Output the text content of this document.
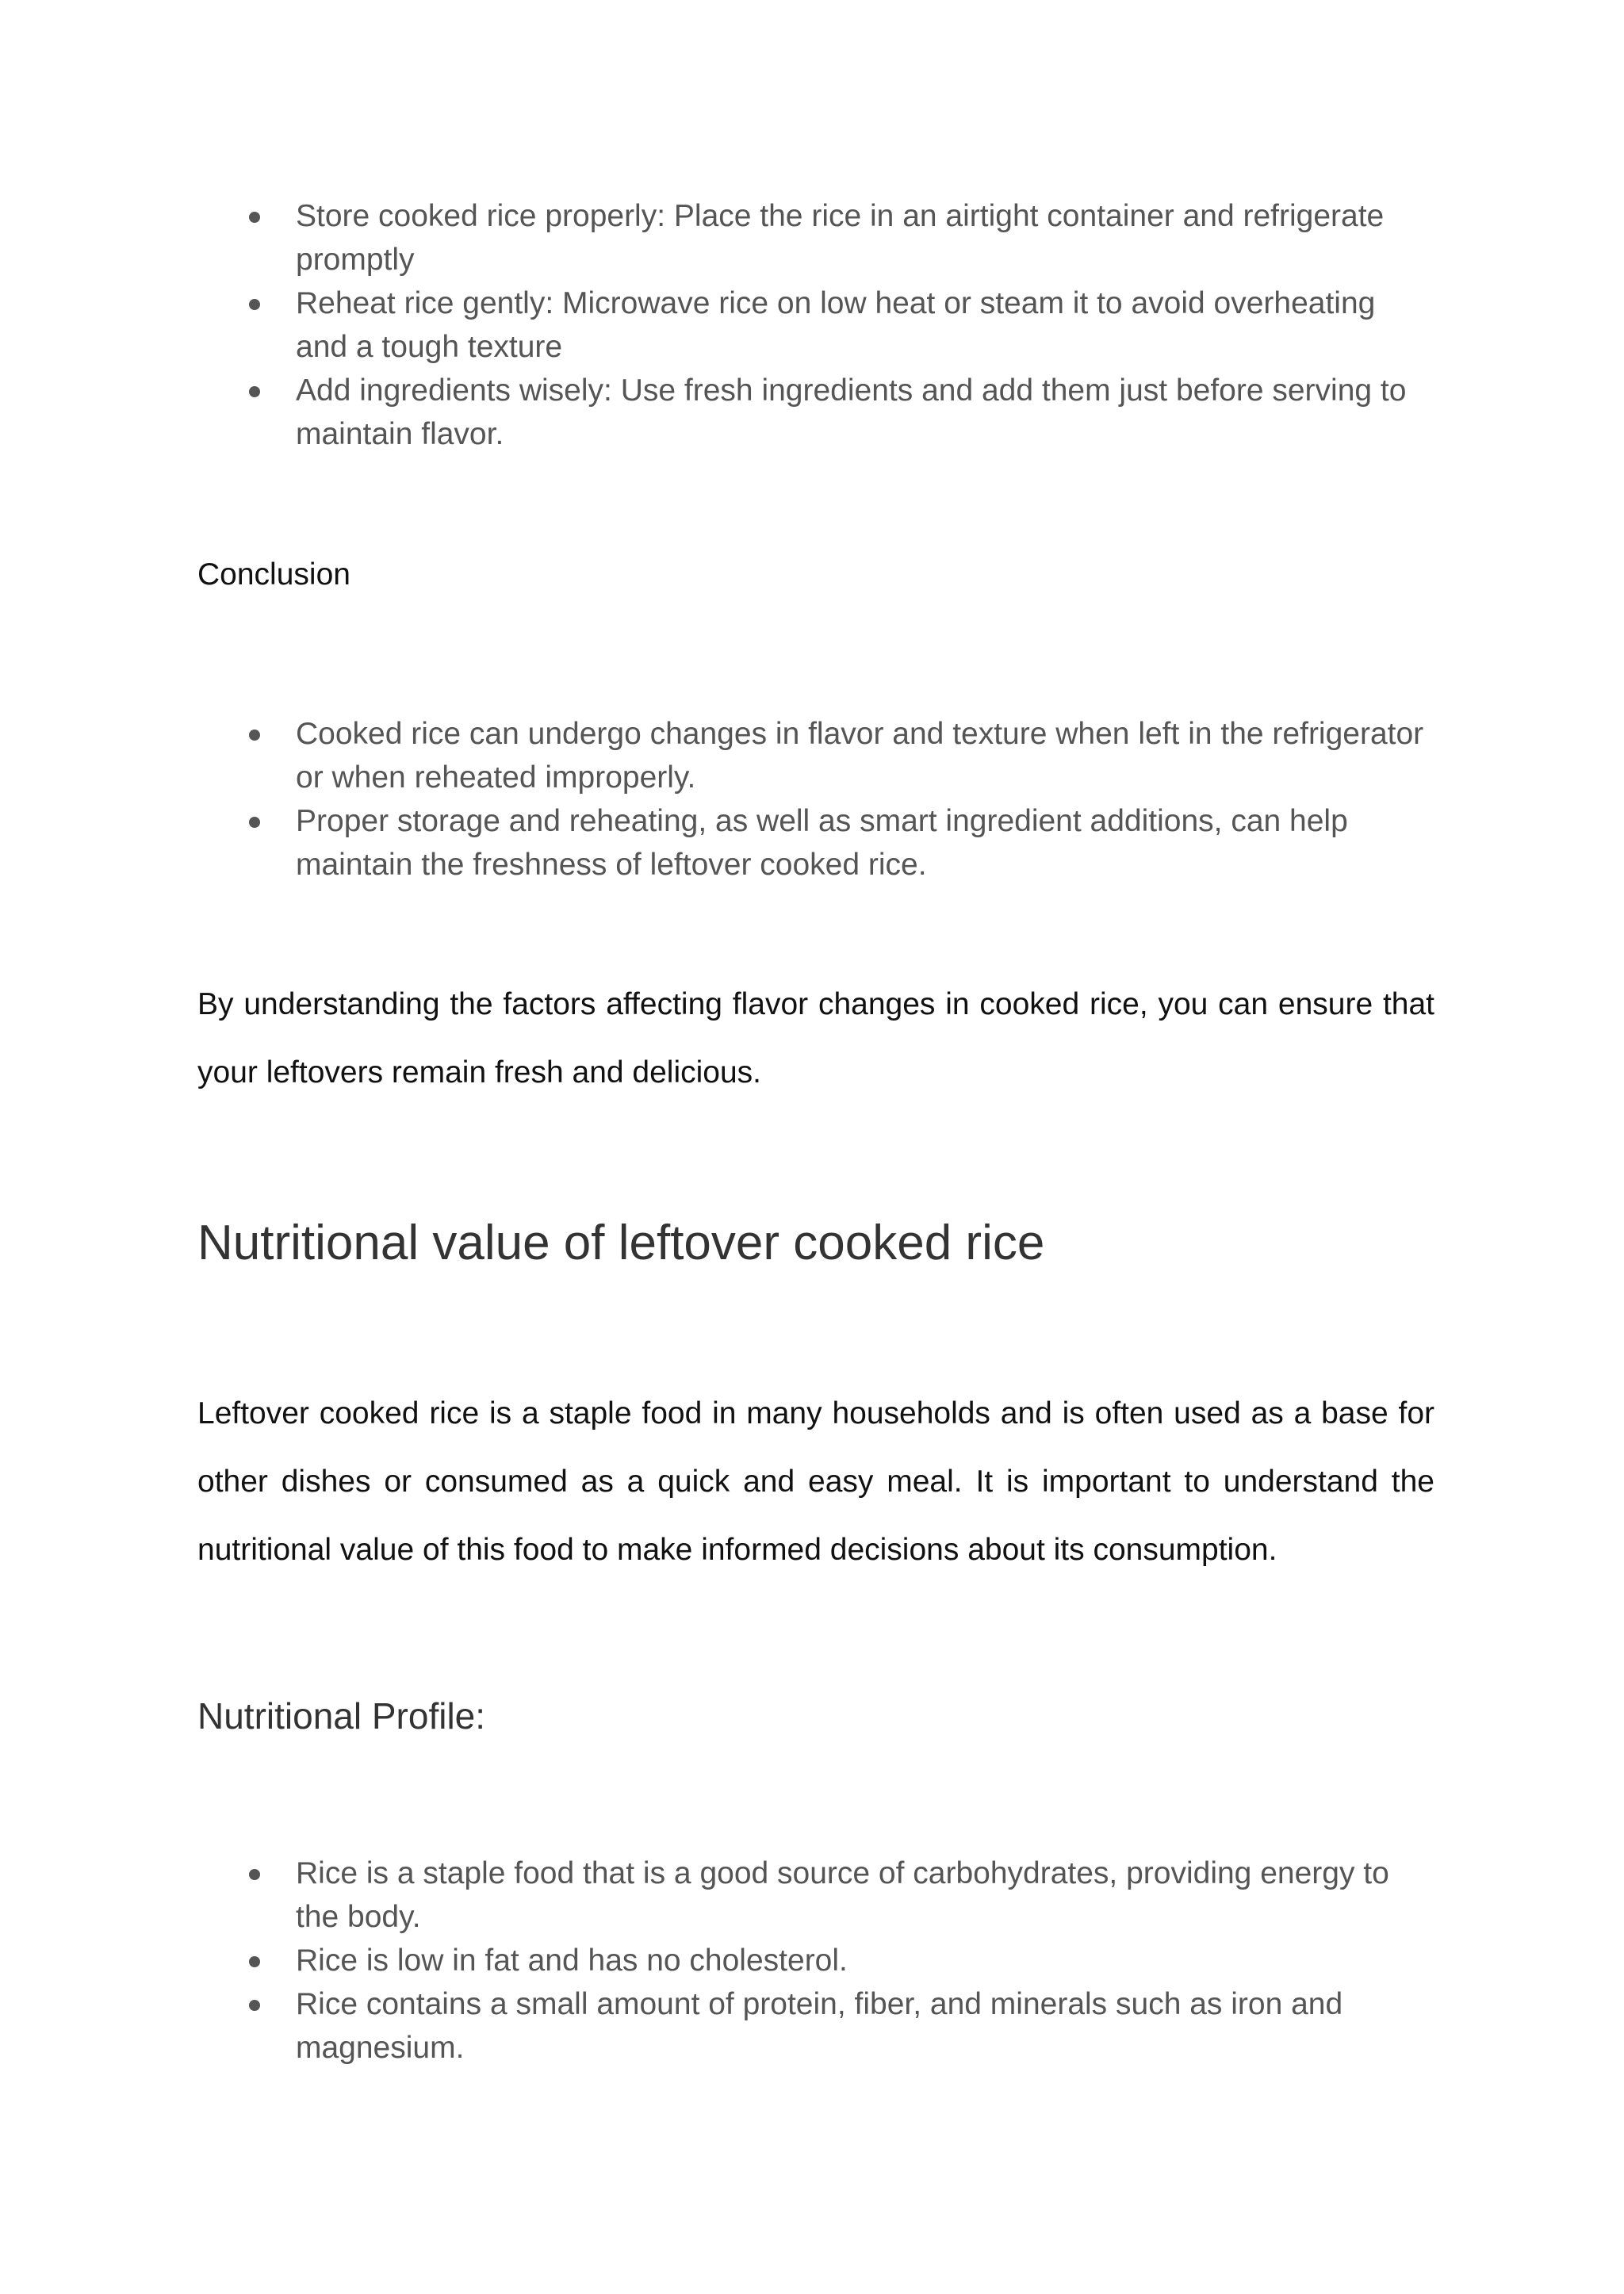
Store cooked rice properly: Place the rice in an airtight container and refrigerate promptly
Reheat rice gently: Microwave rice on low heat or steam it to avoid overheating and a tough texture
Add ingredients wisely: Use fresh ingredients and add them just before serving to maintain flavor.
Conclusion
Cooked rice can undergo changes in flavor and texture when left in the refrigerator or when reheated improperly.
Proper storage and reheating, as well as smart ingredient additions, can help maintain the freshness of leftover cooked rice.
By understanding the factors affecting flavor changes in cooked rice, you can ensure that your leftovers remain fresh and delicious.
Nutritional value of leftover cooked rice
Leftover cooked rice is a staple food in many households and is often used as a base for other dishes or consumed as a quick and easy meal. It is important to understand the nutritional value of this food to make informed decisions about its consumption.
Nutritional Profile:
Rice is a staple food that is a good source of carbohydrates, providing energy to the body.
Rice is low in fat and has no cholesterol.
Rice contains a small amount of protein, fiber, and minerals such as iron and magnesium.
